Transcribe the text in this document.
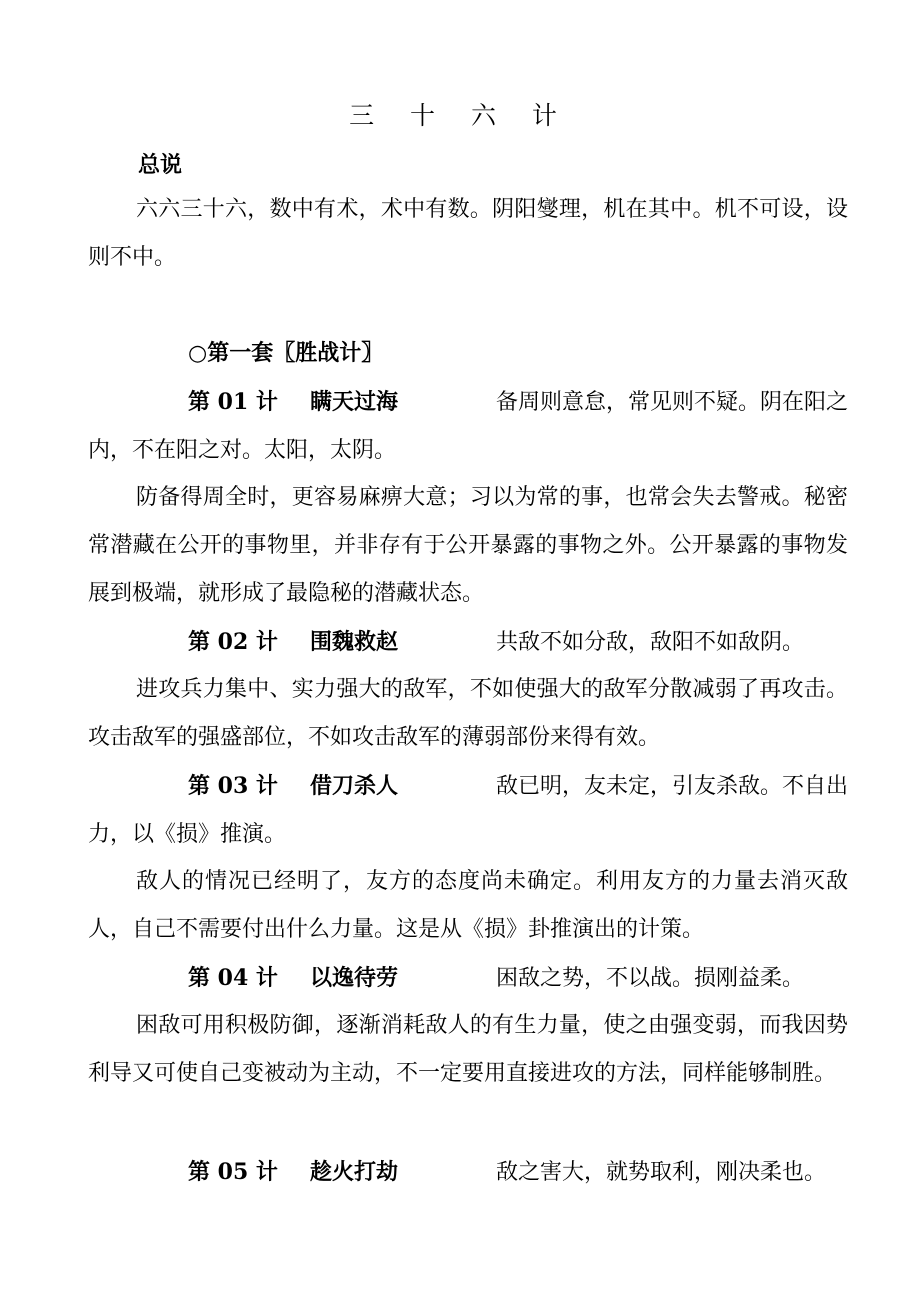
三 十 六 计
总说

六六三十六，数中有术，术中有数。阴阳燮理，机在其中。机不可设，设则不中。

○第一套〖胜战计〗
第 01 计 瞒天过海	备周则意怠，常见则不疑。阴在阳之内，不在阳之对。太阳，太阴。

防备得周全时，更容易麻痹大意；习以为常的事，也常会失去警戒。秘密常潜藏在公开的事物里，并非存有于公开暴露的事物之外。公开暴露的事物发展到极端，就形成了最隐秘的潜藏状态。

第 02 计 围魏救赵	共敌不如分敌，敌阳不如敌阴。

进攻兵力集中、实力强大的敌军，不如使强大的敌军分散减弱了再攻击。攻击敌军的强盛部位，不如攻击敌军的薄弱部份来得有效。

第 03 计 借刀杀人	敌已明，友未定，引友杀敌。不自出力，以《损》推演。

敌人的情况已经明了，友方的态度尚未确定。利用友方的力量去消灭敌人，自己不需要付出什么力量。这是从《损》卦推演出的计策。

第 04 计 以逸待劳	困敌之势，不以战。损刚益柔。

困敌可用积极防御，逐渐消耗敌人的有生力量，使之由强变弱，而我因势利导又可使自己变被动为主动，不一定要用直接进攻的方法，同样能够制胜。

第 05 计 趁火打劫	敌之害大，就势取利，刚决柔也。
